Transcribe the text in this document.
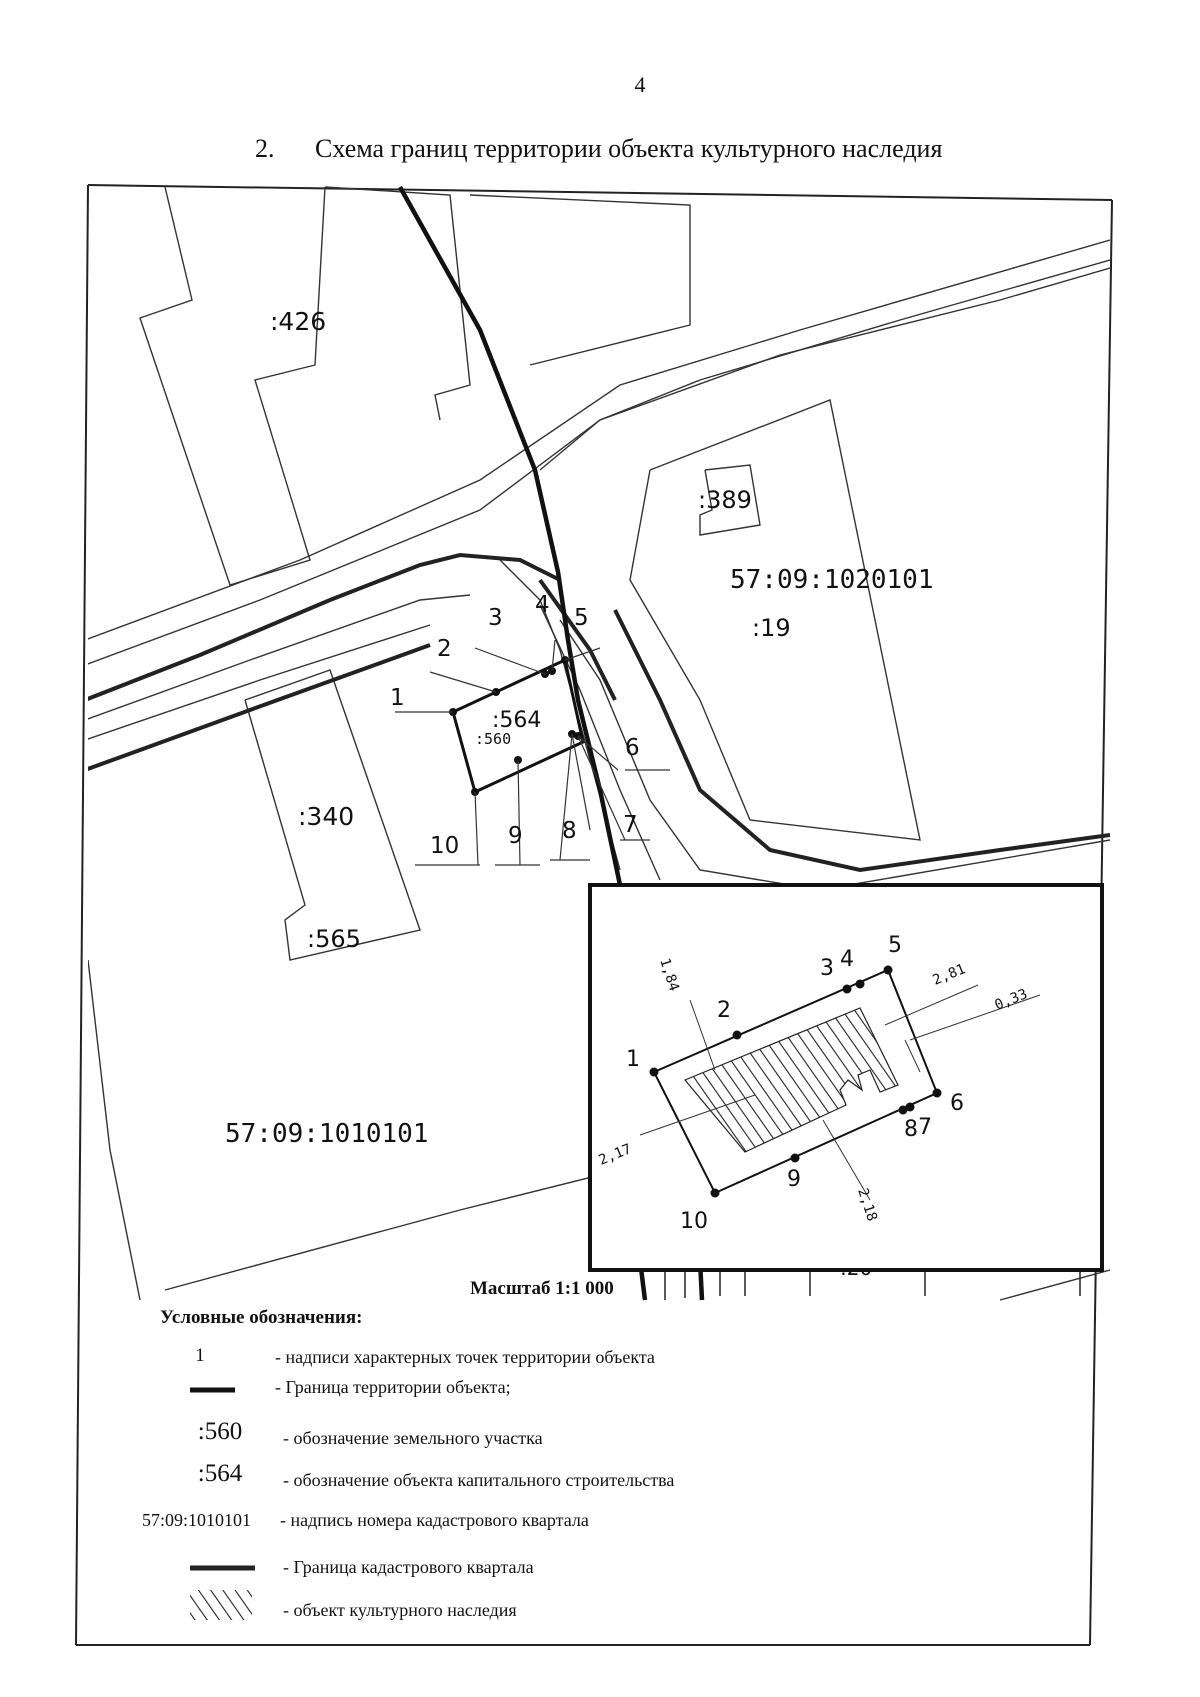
4
2. Схема границ территории объекта культурного наследия
:426
:389
:19
:340
:565
:564
:560
57:09:1020101
57:09:1010101
1
2
3 4 5
6
7
8
9
10
1
2
3 4
5
6
8 7
9
10
1,84	2,81
0,33
2,17
2,18
Масштаб 1:1 000
Условные обозначения:
1	- надписи характерных точек территории объекта
- Граница территории объекта;
:560	- обозначение земельного участка
:564	- обозначение объекта капитального строительства
57:09:1010101	- надпись номера кадастрового квартала
- Граница кадастрового квартала
- объект культурного наследия
